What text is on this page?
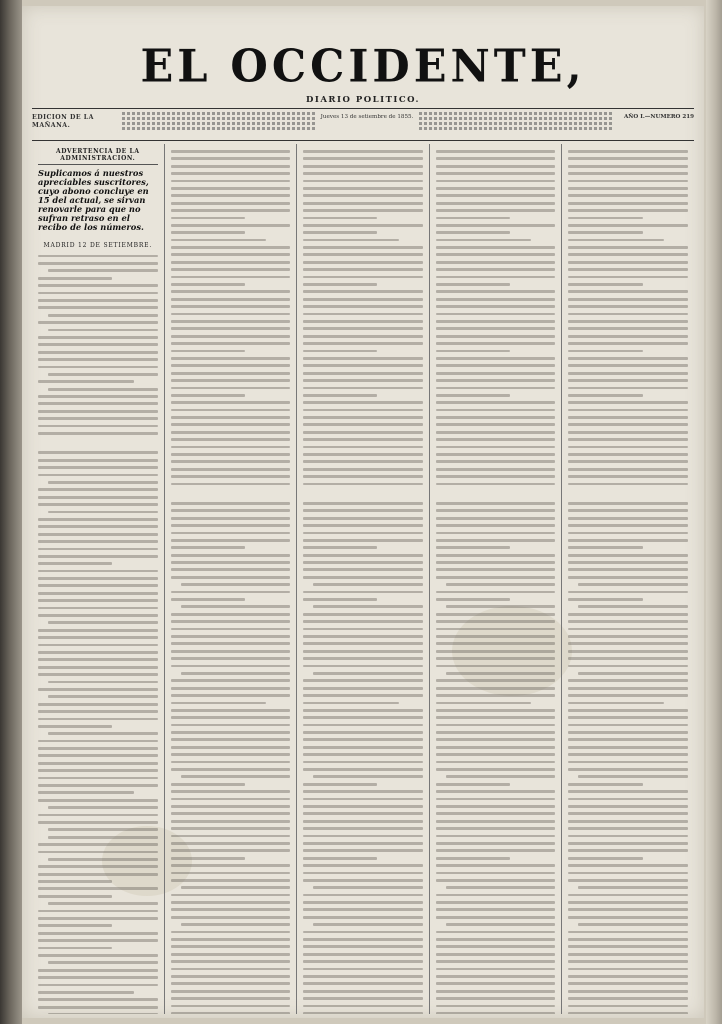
EL OCCIDENTE,
DIARIO POLITICO.
EDICION DE LA MAÑANA.
Jueves 13 de setiembre de 1855.	AÑO I.—NUMERO 219
ADVERTENCIA DE LA ADMINISTRACION.
Suplicamos á nuestros apreciables suscritores, cuyo abono concluye en 15 del actual, se sirvan renovarle para que no sufran retraso en el recibo de los números.
MADRID 12 DE SETIEMBRE.
